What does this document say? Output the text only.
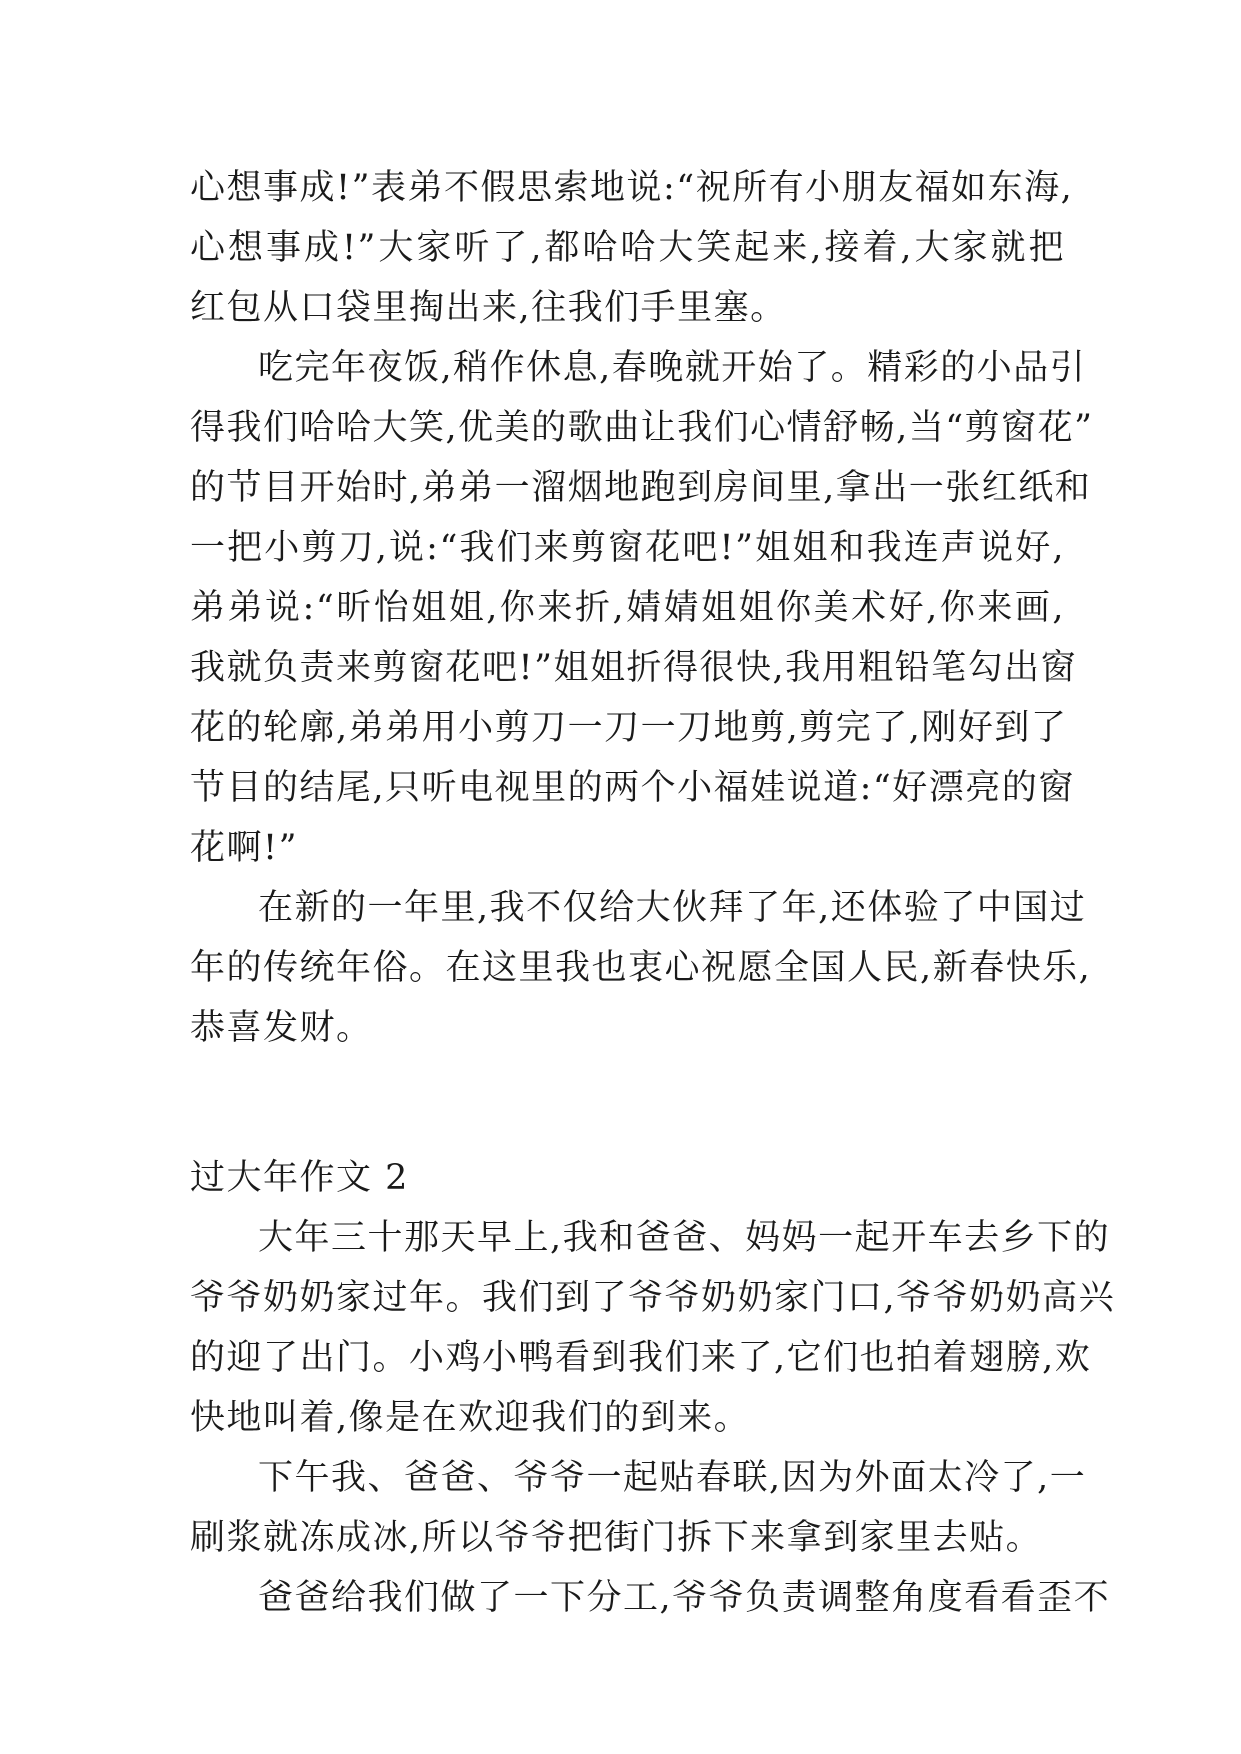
心想事成!”表弟不假思索地说:“祝所有小朋友福如东海,
心想事成!”大家听了,都哈哈大笑起来,接着,大家就把
红包从口袋里掏出来,往我们手里塞。
吃完年夜饭,稍作休息,春晚就开始了。精彩的小品引
得我们哈哈大笑,优美的歌曲让我们心情舒畅,当“剪窗花”
的节目开始时,弟弟一溜烟地跑到房间里,拿出一张红纸和
一把小剪刀,说:“我们来剪窗花吧!”姐姐和我连声说好,
弟弟说:“昕怡姐姐,你来折,婧婧姐姐你美术好,你来画,
我就负责来剪窗花吧!”姐姐折得很快,我用粗铅笔勾出窗
花的轮廓,弟弟用小剪刀一刀一刀地剪,剪完了,刚好到了
节目的结尾,只听电视里的两个小福娃说道:“好漂亮的窗
花啊!”
在新的一年里,我不仅给大伙拜了年,还体验了中国过
年的传统年俗。在这里我也衷心祝愿全国人民,新春快乐,
恭喜发财。
过大年作文 2
大年三十那天早上,我和爸爸、妈妈一起开车去乡下的
爷爷奶奶家过年。我们到了爷爷奶奶家门口,爷爷奶奶高兴
的迎了出门。小鸡小鸭看到我们来了,它们也拍着翅膀,欢
快地叫着,像是在欢迎我们的到来。
下午我、爸爸、爷爷一起贴春联,因为外面太冷了,一
刷浆就冻成冰,所以爷爷把街门拆下来拿到家里去贴。
爸爸给我们做了一下分工,爷爷负责调整角度看看歪不
